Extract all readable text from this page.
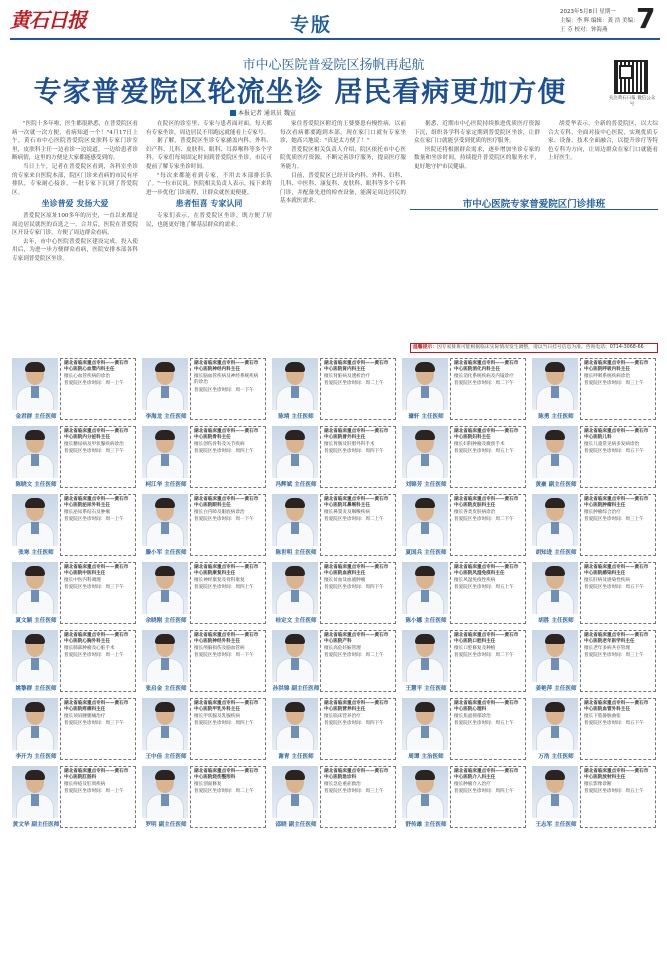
黄石日报	专版
2023年5月8日 星期一
主编：李 辉 编辑：龚 浩 美编：王 芬 校对：钟海燕	7
市中心医院普爱院区扬帆再起航
专家普爱院区轮流坐诊 居民看病更加方便	关注黄石日报 微信公众号
本报记者 通讯员 魏宣

"医院十多年啦，医生都很熟悉，在普爱院区看病一次就一次方便，看病知道一个！"4月17日上午，黄石市中心医院普爱院区皮肤科专家门诊室里，皮肤科主任一边看诊一边说道，一边给患者诊断病情，这里的方便是大家都能感受到的。

当日上午，记者在普爱院区看到，各科室坐诊的专家来自医院本部，院区门诊来看病的市民有序排队，专家耐心接诊，一批专家下沉到了普爱院区。

坐诊普爱 发扬大爱

普爱院区原址100多年的历史，一直以来都是周边居民就医的首选之一。合并后，医院在普爱院区开设专家门诊，方便了周边群众看病。

去年，市中心医院普爱院区建设完成，投入使用后，为进一步方便群众看病，医院安排本部各科专家到普爱院区坐诊。

在院区的诊室里，专家与患者面对面，每天都有专家坐诊，周边居民不用跑远就能看上专家号。

据了解，普爱院区坐诊专家涵盖内科、外科、妇产科、儿科、皮肤科、眼科、耳鼻喉科等多个学科。专家们每周固定时间到普爱院区坐诊，市民可提前了解专家坐诊时间。

"每次来都能看到专家，不用去本部排长队了。"一位市民说。医院相关负责人表示，接下来将进一步优化门诊流程，让群众就医更便捷。

患者恒喜 专家认同

专家们表示，在普爱院区坐诊，既方便了居民，也能更好地了解基层群众的需求。

家住普爱院区附近的王婆婆患有慢性病，以前每次看病都要跑到本部。现在家门口就有专家坐诊，她高兴地说："真是太方便了！"

普爱院区相关负责人介绍，院区依托市中心医院优质医疗资源，不断完善诊疗服务，提高医疗服务能力。

目前，普爱院区已经开设内科、外科、妇科、儿科、中医科、康复科、皮肤科、眼科等多个专科门诊，并配备先进的检查设备，能满足周边居民的基本就医需求。

据悉，近期市中心医院持续推进优质医疗资源下沉，组织各学科专家定期到普爱院区坐诊，让群众在家门口就能享受到优质的医疗服务。

医院还将根据群众需求，逐步增加坐诊专家的数量和坐诊时间，持续提升普爱院区的服务水平，更好地守护市民健康。

胡爱华表示，全新的普爱院区，以大综合大专科、全面对接中心医院，实现优质专家、设备、技术全面融合，以提升诊疗等特色专科为方向，让周边群众在家门口就能看上好医生。

市中心医院专家普爱院区门诊排班
温馨提示：因专家排班可能根据临床实际情况发生调整，请以当日挂号信息为准。咨询电话：0714-3068-66
金君群 主任医师
湖北省临床重点专科——黄石市中心医院心血管内科主任
擅长心血管疾病的诊治
普爱院区坐诊时间：周一上午
李海龙 主任医师
湖北省临床重点专科——黄石市中心医院神经内科主任
擅长脑血管疾病及神经系统疾病的诊治
普爱院区坐诊时间：周一下午
陈靖 主任医师
湖北省临床重点专科——黄石市中心医院肾内科主任
擅长肾脏病及透析治疗
普爱院区坐诊时间：周二上午
璩轩 主任医师
湖北省临床重点专科——黄石市中心医院消化内科主任
擅长消化系统疾病及内镜诊疗
普爱院区坐诊时间：周二下午
陈勇 主任医师
湖北省临床重点专科——黄石市中心医院呼吸内科主任
擅长呼吸系统疾病诊治
普爱院区坐诊时间：周三上午
陈晓文 主任医师
湖北省临床重点专科——黄石市中心医院内分泌科主任
擅长糖尿病及甲状腺疾病诊治
普爱院区坐诊时间：周三下午
柯江华 主任医师
湖北省临床重点专科——黄石市中心医院骨科主任
擅长创伤骨科及关节疾病
普爱院区坐诊时间：周四上午
冯辉斌 主任医师
湖北省临床重点专科——黄石市中心医院普外科主任
擅长胃肠及肝胆外科手术
普爱院区坐诊时间：周四下午
刘锦芳 主任医师
湖北省临床重点专科——黄石市中心医院妇科主任
擅长妇科肿瘤及微创手术
普爱院区坐诊时间：周五上午
黄豪 副主任医师
湖北省临床重点专科——黄石市中心医院儿科
擅长儿童常见病多发病诊治
普爱院区坐诊时间：周五下午
张寒 主任医师
湖北省临床重点专科——黄石市中心医院泌尿外科主任
擅长泌尿系结石及肿瘤
普爱院区坐诊时间：周一上午
滕小军 主任医师
湖北省临床重点专科——黄石市中心医院眼科主任
擅长白内障及眼底病诊治
普爱院区坐诊时间：周一下午
陈世明 主任医师
湖北省临床重点专科——黄石市中心医院耳鼻喉科主任
擅长鼻窦炎及咽喉疾病
普爱院区坐诊时间：周二上午
夏国兵 主任医师
湖北省临床重点专科——黄石市中心医院皮肤科主任
擅长各类皮肤病诊治
普爱院区坐诊时间：周二下午
胡知进 主任医师
湖北省临床重点专科——黄石市中心医院肿瘤科主任
擅长肿瘤综合治疗
普爱院区坐诊时间：周三上午
夏文颖 主任医师
湖北省临床重点专科——黄石市中心医院中医科主任
擅长中医内科调理
普爱院区坐诊时间：周三下午
余晓刚 主任医师
湖北省临床重点专科——黄石市中心医院康复科主任
擅长神经康复及骨科康复
普爱院区坐诊时间：周四上午
桂定文 主任医师
湖北省临床重点专科——黄石市中心医院血液科主任
擅长贫血及血液肿瘤
普爱院区坐诊时间：周四下午
陈小娜 主任医师
湖北省临床重点专科——黄石市中心医院风湿免疫科主任
擅长风湿免疫性疾病
普爱院区坐诊时间：周五上午
胡胜 主任医师
湖北省临床重点专科——黄石市中心医院感染科主任
擅长肝病及感染性疾病
普爱院区坐诊时间：周五下午
姚黎群 主任医师
湖北省临床重点专科——黄石市中心医院心胸外科主任
擅长肺部肿瘤及心脏手术
普爱院区坐诊时间：周一上午
张启金 主任医师
湖北省临床重点专科——黄石市中心医院神经外科主任
擅长颅脑损伤及脑血管病
普爱院区坐诊时间：周一下午
孙洪锦 副主任医师
湖北省临床重点专科——黄石市中心医院产科
擅长高危妊娠管理
普爱院区坐诊时间：周二上午
王慧平 主任医师
湖北省临床重点专科——黄石市中心医院口腔科主任
擅长口腔修复及种植
普爱院区坐诊时间：周二下午
姜艳萍 主任医师
湖北省临床重点专科——黄石市中心医院老年医学科主任
擅长老年多病共存管理
普爱院区坐诊时间：周三上午
李开为 主任医师
湖北省临床重点专科——黄石市中心医院疼痛科主任
擅长颈肩腰腿痛治疗
普爱院区坐诊时间：周三下午
王中佳 主任医师
湖北省临床重点专科——黄石市中心医院甲乳外科主任
擅长甲状腺及乳腺疾病
普爱院区坐诊时间：周四上午
谢青 主任医师
湖北省临床重点专科——黄石市中心医院营养科主任
擅长临床营养治疗
普爱院区坐诊时间：周四下午
周谭 主治医师
湖北省临床重点专科——黄石市中心医院心理科
擅长焦虑抑郁诊治
普爱院区坐诊时间：周五上午
万浩 主任医师
湖北省临床重点专科——黄石市中心医院血管外科主任
擅长下肢静脉曲张
普爱院区坐诊时间：周五下午
黄文华 副主任医师
湖北省临床重点专科——黄石市中心医院肛肠科
擅长痔疮及肛周疾病
普爱院区坐诊时间：周一上午
罗明 副主任医师
湖北省临床重点专科——黄石市中心医院烧伤整形科
擅长创面修复
普爱院区坐诊时间：周二上午
邵晓 副主任医师
湖北省临床重点专科——黄石市中心医院急诊科
擅长急危重症救治
普爱院区坐诊时间：周三上午
舒传雄 主任医师
湖北省临床重点专科——黄石市中心医院介入科主任
擅长肿瘤介入治疗
普爱院区坐诊时间：周四上午
王志军 主任医师
湖北省临床重点专科——黄石市中心医院放射科主任
擅长影像诊断
普爱院区坐诊时间：周五上午
